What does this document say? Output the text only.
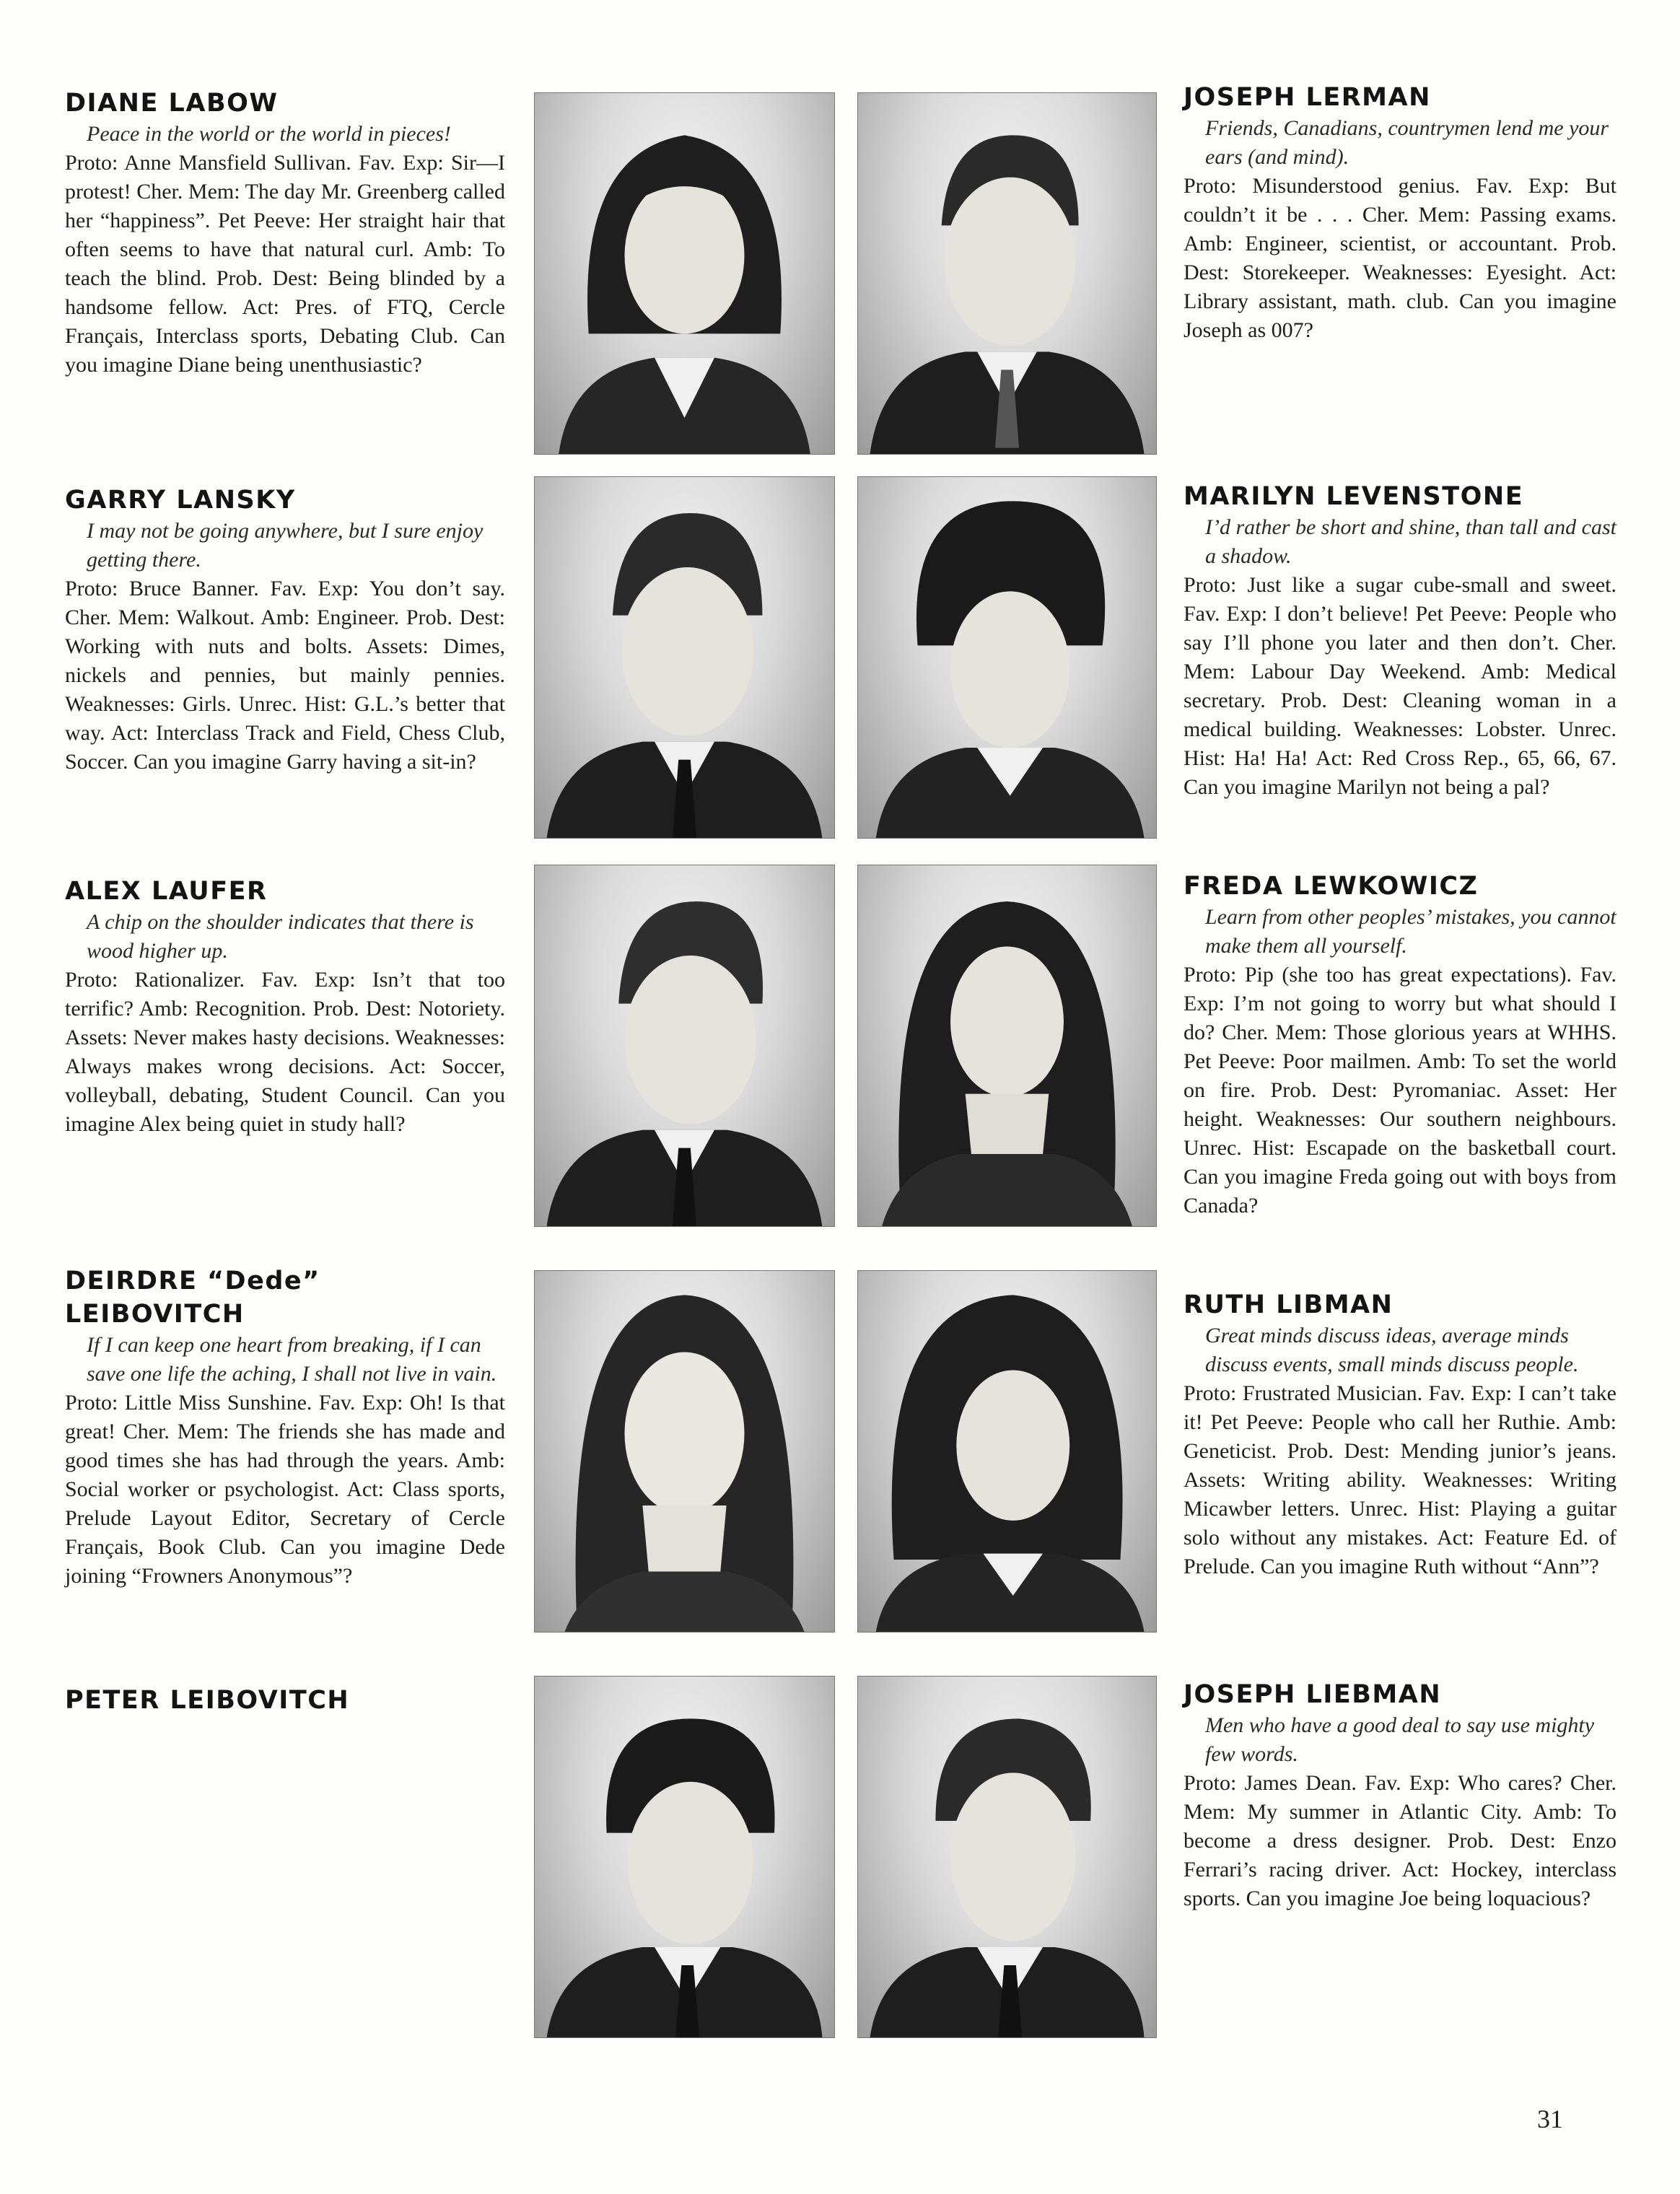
DIANE LABOW
Peace in the world or the world in pieces!
Proto: Anne Mansfield Sullivan. Fav. Exp: Sir—I protest! Cher. Mem: The day Mr. Greenberg called her “happiness”. Pet Peeve: Her straight hair that often seems to have that natural curl. Amb: To teach the blind. Prob. Dest: Being blinded by a handsome fellow. Act: Pres. of FTQ, Cercle Français, Interclass sports, Debating Club. Can you imagine Diane being unenthusiastic?
GARRY LANSKY
I may not be going anywhere, but I sure enjoy getting there.
Proto: Bruce Banner. Fav. Exp: You don’t say. Cher. Mem: Walkout. Amb: Engineer. Prob. Dest: Working with nuts and bolts. Assets: Dimes, nickels and pennies, but mainly pennies. Weaknesses: Girls. Unrec. Hist: G.L.’s better that way. Act: Interclass Track and Field, Chess Club, Soccer. Can you imagine Garry having a sit-in?
ALEX LAUFER
A chip on the shoulder indicates that there is wood higher up.
Proto: Rationalizer. Fav. Exp: Isn’t that too terrific? Amb: Recognition. Prob. Dest: Notoriety. Assets: Never makes hasty decisions. Weaknesses: Always makes wrong decisions. Act: Soccer, volleyball, debating, Student Council. Can you imagine Alex being quiet in study hall?
DEIRDRE “Dede” LEIBOVITCH
If I can keep one heart from breaking, if I can save one life the aching, I shall not live in vain.
Proto: Little Miss Sunshine. Fav. Exp: Oh! Is that great! Cher. Mem: The friends she has made and good times she has had through the years. Amb: Social worker or psychologist. Act: Class sports, Prelude Layout Editor, Secretary of Cercle Français, Book Club. Can you imagine Dede joining “Frowners Anonymous”?
PETER LEIBOVITCH
JOSEPH LERMAN
Friends, Canadians, countrymen lend me your ears (and mind).
Proto: Misunderstood genius. Fav. Exp: But couldn’t it be . . . Cher. Mem: Passing exams. Amb: Engineer, scientist, or accountant. Prob. Dest: Storekeeper. Weaknesses: Eyesight. Act: Library assistant, math. club. Can you imagine Joseph as 007?
MARILYN LEVENSTONE
I’d rather be short and shine, than tall and cast a shadow.
Proto: Just like a sugar cube-small and sweet. Fav. Exp: I don’t believe! Pet Peeve: People who say I’ll phone you later and then don’t. Cher. Mem: Labour Day Weekend. Amb: Medical secretary. Prob. Dest: Cleaning woman in a medical building. Weaknesses: Lobster. Unrec. Hist: Ha! Ha! Act: Red Cross Rep., 65, 66, 67. Can you imagine Marilyn not being a pal?
FREDA LEWKOWICZ
Learn from other peoples’ mistakes, you cannot make them all yourself.
Proto: Pip (she too has great expectations). Fav. Exp: I’m not going to worry but what should I do? Cher. Mem: Those glorious years at WHHS. Pet Peeve: Poor mailmen. Amb: To set the world on fire. Prob. Dest: Pyromaniac. Asset: Her height. Weaknesses: Our southern neighbours. Unrec. Hist: Escapade on the basketball court. Can you imagine Freda going out with boys from Canada?
RUTH LIBMAN
Great minds discuss ideas, average minds discuss events, small minds discuss people.
Proto: Frustrated Musician. Fav. Exp: I can’t take it! Pet Peeve: People who call her Ruthie. Amb: Geneticist. Prob. Dest: Mending junior’s jeans. Assets: Writing ability. Weaknesses: Writing Micawber letters. Unrec. Hist: Playing a guitar solo without any mistakes. Act: Feature Ed. of Prelude. Can you imagine Ruth without “Ann”?
JOSEPH LIEBMAN
Men who have a good deal to say use mighty few words.
Proto: James Dean. Fav. Exp: Who cares? Cher. Mem: My summer in Atlantic City. Amb: To become a dress designer. Prob. Dest: Enzo Ferrari’s racing driver. Act: Hockey, interclass sports. Can you imagine Joe being loquacious?
31
